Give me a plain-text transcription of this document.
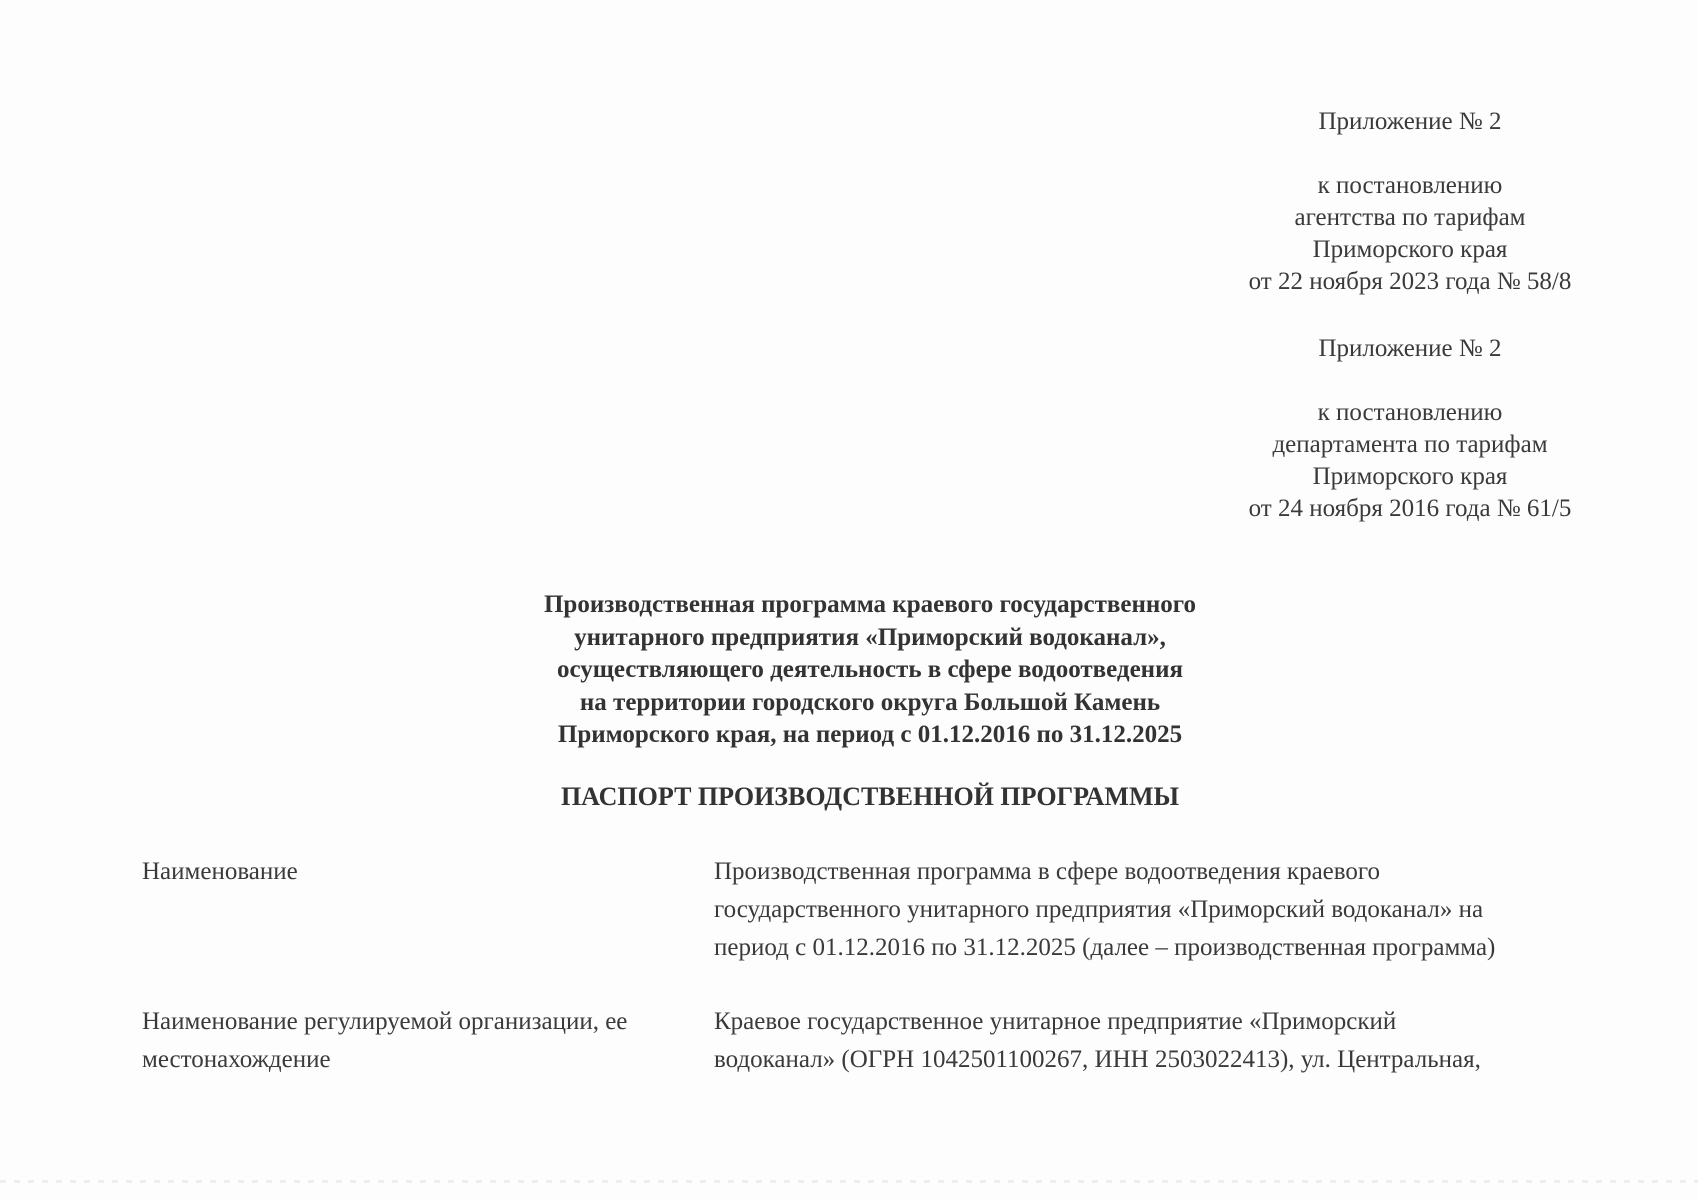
Приложение № 2
к постановлению
агентства по тарифам
Приморского края
от 22 ноября 2023 года № 58/8
Приложение № 2
к постановлению
департамента по тарифам
Приморского края
от 24 ноября 2016 года № 61/5
Производственная программа краевого государственного
унитарного предприятия «Приморский водоканал»,
осуществляющего деятельность в сфере водоотведения
на территории городского округа Большой Камень
Приморского края, на период с 01.12.2016 по 31.12.2025
ПАСПОРТ ПРОИЗВОДСТВЕННОЙ ПРОГРАММЫ
Наименование	Производственная программа в сфере водоотведения краевого
государственного унитарного предприятия «Приморский водоканал» на
период с 01.12.2016 по 31.12.2025 (далее – производственная программа)
Наименование регулируемой организации, ее
местонахождение
Краевое государственное унитарное предприятие «Приморский
водоканал» (ОГРН 1042501100267, ИНН 2503022413), ул. Центральная,
